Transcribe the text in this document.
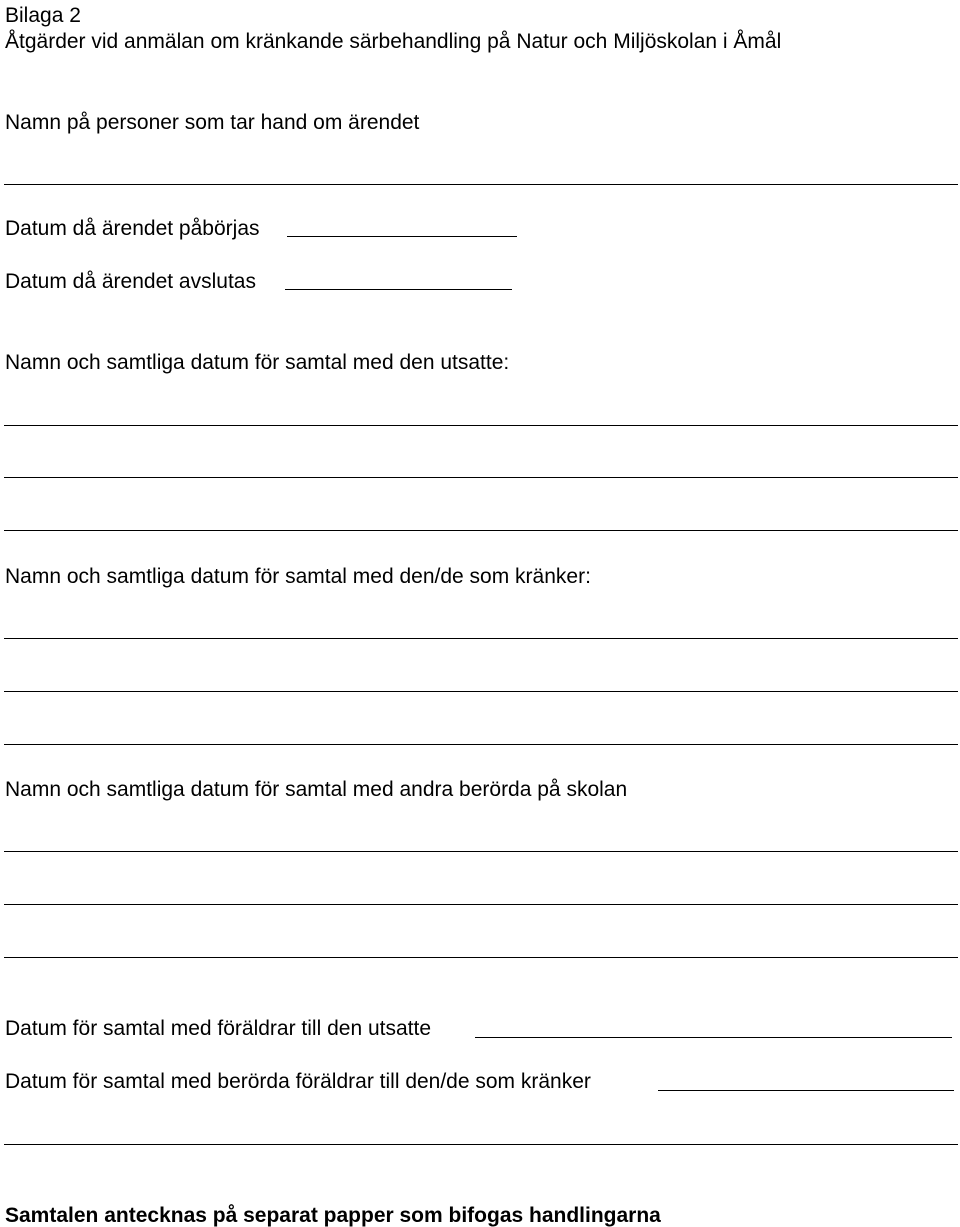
Bilaga 2
Åtgärder vid anmälan om kränkande särbehandling på Natur och Miljöskolan i Åmål
Namn på personer som tar hand om ärendet
Datum då ärendet påbörjas
Datum då ärendet avslutas
Namn och samtliga datum för samtal med den utsatte:
Namn och samtliga datum för samtal med den/de som kränker:
Namn och samtliga datum för samtal med andra berörda på skolan
Datum för samtal med föräldrar till den utsatte
Datum för samtal med berörda föräldrar till den/de som kränker
Samtalen antecknas på separat papper som bifogas handlingarna
